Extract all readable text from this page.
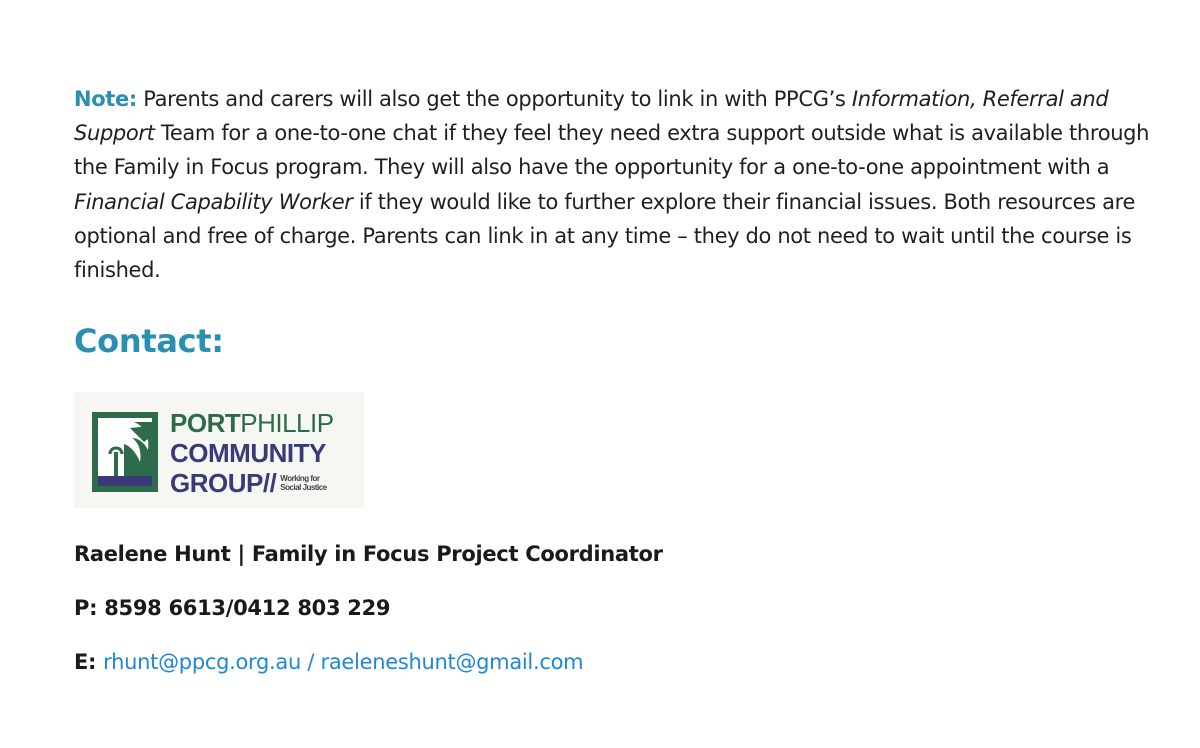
Note: Parents and carers will also get the opportunity to link in with PPCG’s Information, Referral and Support Team for a one-to-one chat if they feel they need extra support outside what is available through the Family in Focus program. They will also have the opportunity for a one-to-one appointment with a Financial Capability Worker if they would like to further explore their financial issues. Both resources are optional and free of charge. Parents can link in at any time – they do not need to wait until the course is finished.

Contact:
PORTPHILLIP
COMMUNITY
GROUP // Working for Social Justice

Raelene Hunt | Family in Focus Project Coordinator

P: 8598 6613/0412 803 229

E: rhunt@ppcg.org.au / raeleneshunt@gmail.com
